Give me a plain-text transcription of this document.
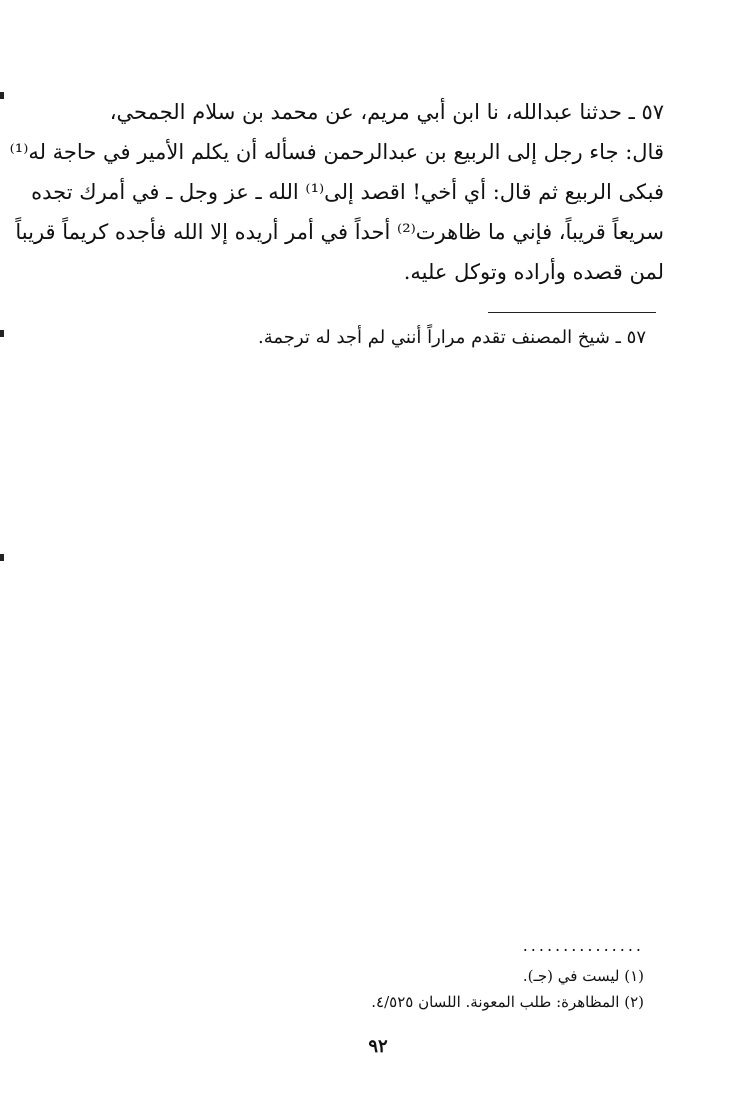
٥٧ ـ حدثنا عبدالله، نا ابن أبي مريم، عن محمد بن سلام الجمحي،
قال: جاء رجل إلى الربيع بن عبدالرحمن فسأله أن يكلم الأمير في حاجة له⁽¹⁾
فبكى الربيع ثم قال: أي أخي! اقصد إلى⁽¹⁾ الله ـ عز وجل ـ في أمرك تجده
سريعاً قريباً، فإني ما ظاهرت⁽²⁾ أحداً في أمر أريده إلا الله فأجده كريماً قريباً
لمن قصده وأراده وتوكل عليه.
٥٧ ـ شيخ المصنف تقدم مراراً أنني لم أجد له ترجمة.
...............
(١) ليست في (جـ).
(٢) المظاهرة: طلب المعونة. اللسان ٤/٥٢٥.
٩٢
